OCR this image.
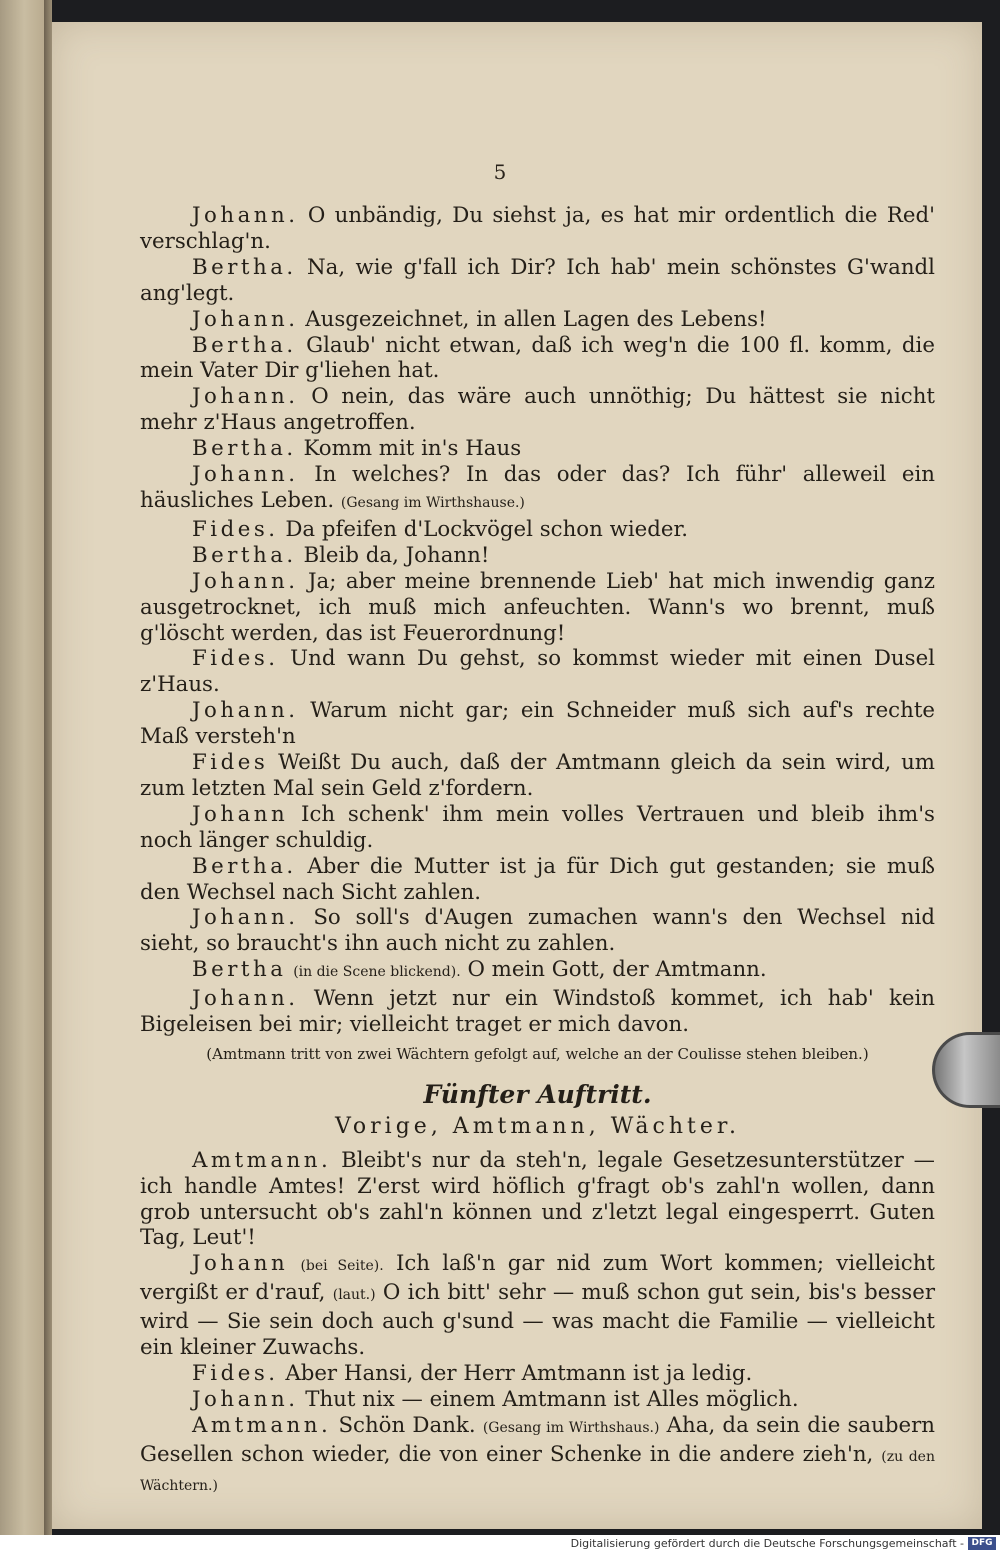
5

Johann. O unbändig, Du siehst ja, es hat mir ordentlich die Red' verschlag'n.

Bertha. Na, wie g'fall ich Dir? Ich hab' mein schönstes G'wandl ang'legt.

Johann. Ausgezeichnet, in allen Lagen des Lebens!

Bertha. Glaub' nicht etwan, daß ich weg'n die 100 fl. komm, die mein Vater Dir g'liehen hat.

Johann. O nein, das wäre auch unnöthig; Du hättest sie nicht mehr z'Haus angetroffen.

Bertha. Komm mit in's Haus

Johann. In welches? In das oder das? Ich führ' alleweil ein häusliches Leben. (Gesang im Wirthshause.)

Fides. Da pfeifen d'Lockvögel schon wieder.

Bertha. Bleib da, Johann!

Johann. Ja; aber meine brennende Lieb' hat mich inwendig ganz ausgetrocknet, ich muß mich anfeuchten. Wann's wo brennt, muß g'löscht werden, das ist Feuerordnung!

Fides. Und wann Du gehst, so kommst wieder mit einen Dusel z'Haus.

Johann. Warum nicht gar; ein Schneider muß sich auf's rechte Maß versteh'n

Fides Weißt Du auch, daß der Amtmann gleich da sein wird, um zum letzten Mal sein Geld z'fordern.

Johann Ich schenk' ihm mein volles Vertrauen und bleib ihm's noch länger schuldig.

Bertha. Aber die Mutter ist ja für Dich gut gestanden; sie muß den Wechsel nach Sicht zahlen.

Johann. So soll's d'Augen zumachen wann's den Wechsel nid sieht, so braucht's ihn auch nicht zu zahlen.

Bertha (in die Scene blickend). O mein Gott, der Amtmann.

Johann. Wenn jetzt nur ein Windstoß kommet, ich hab' kein Bigeleisen bei mir; vielleicht traget er mich davon.

(Amtmann tritt von zwei Wächtern gefolgt auf, welche an der Coulisse stehen bleiben.)

Fünfter Auftritt.

Vorige, Amtmann, Wächter.

Amtmann. Bleibt's nur da steh'n, legale Gesetzesunterstützer — ich handle Amtes! Z'erst wird höflich g'fragt ob's zahl'n wollen, dann grob untersucht ob's zahl'n können und z'letzt legal eingesperrt. Guten Tag, Leut'!

Johann (bei Seite). Ich laß'n gar nid zum Wort kommen; vielleicht vergißt er d'rauf, (laut.) O ich bitt' sehr — muß schon gut sein, bis's besser wird — Sie sein doch auch g'sund — was macht die Familie — vielleicht ein kleiner Zuwachs.

Fides. Aber Hansi, der Herr Amtmann ist ja ledig.

Johann. Thut nix — einem Amtmann ist Alles möglich.

Amtmann. Schön Dank. (Gesang im Wirthshaus.) Aha, da sein die saubern Gesellen schon wieder, die von einer Schenke in die andere zieh'n, (zu den Wächtern.)

Digitalisierung gefördert durch die Deutsche Forschungsgemeinschaft - DFG
